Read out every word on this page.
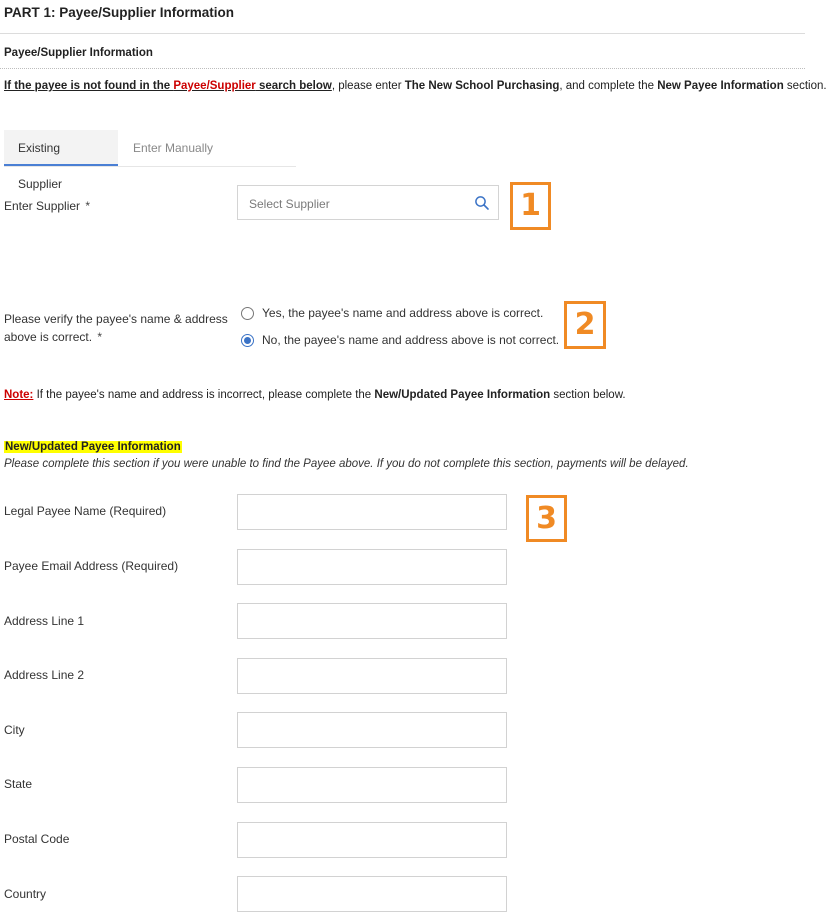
PART 1: Payee/Supplier Information
Payee/Supplier Information
If the payee is not found in the Payee/Supplier search below, please enter The New School Purchasing, and complete the New Payee Information section.
Existing Supplier
Enter Manually
Enter Supplier *
Select Supplier	1
Please verify the payee's name & address above is correct. *
Yes, the payee's name and address above is correct.
No, the payee's name and address above is not correct. 2
Note: If the payee's name and address is incorrect, please complete the New/Updated Payee Information section below.
New/Updated Payee Information
Please complete this section if you were unable to find the Payee above. If you do not complete this section, payments will be delayed.
Legal Payee Name (Required)	3
Payee Email Address (Required)
Address Line 1
Address Line 2
City
State
Postal Code
Country
